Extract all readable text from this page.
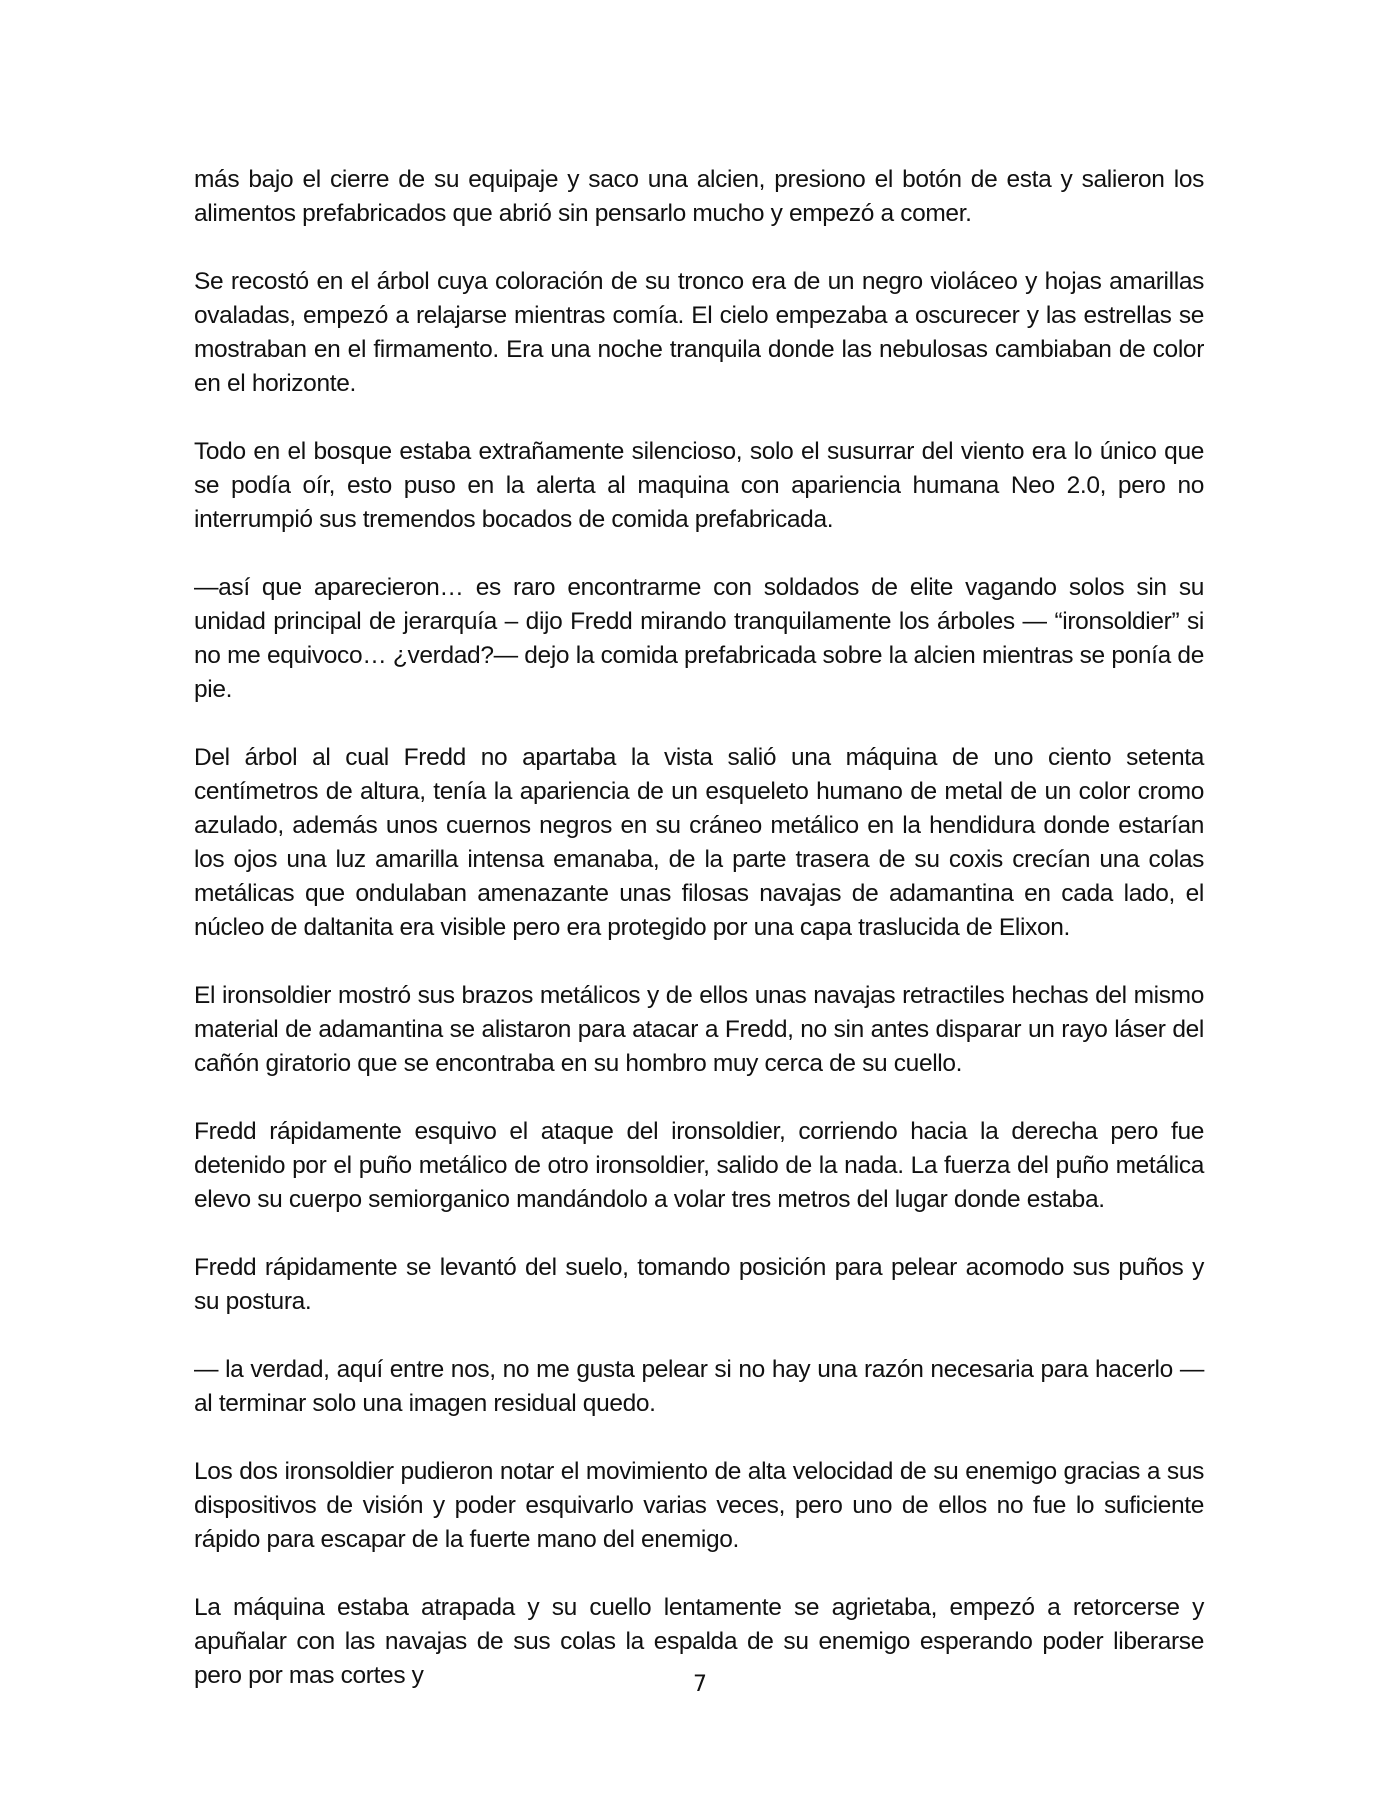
más bajo el cierre de su equipaje y saco una alcien, presiono el botón de esta y salieron los alimentos prefabricados que abrió sin pensarlo mucho y empezó a comer.

Se recostó en el árbol cuya coloración de su tronco era de un negro violáceo y hojas amarillas ovaladas, empezó a relajarse mientras comía. El cielo empezaba a oscurecer y las estrellas se mostraban en el firmamento. Era una noche tranquila donde las nebulosas cambiaban de color en el horizonte.

Todo en el bosque estaba extrañamente silencioso, solo el susurrar del viento era lo único que se podía oír, esto puso en la alerta al maquina con apariencia humana Neo 2.0, pero no interrumpió sus tremendos bocados de comida prefabricada.

—así que aparecieron… es raro encontrarme con soldados de elite vagando solos sin su unidad principal de jerarquía – dijo Fredd mirando tranquilamente los árboles — “ironsoldier” si no me equivoco… ¿verdad?— dejo la comida prefabricada sobre la alcien mientras se ponía de pie.

Del árbol al cual Fredd no apartaba la vista salió una máquina de uno ciento setenta centímetros de altura, tenía la apariencia de un esqueleto humano de metal de un color cromo azulado, además unos cuernos negros en su cráneo metálico en la hendidura donde estarían los ojos una luz amarilla intensa emanaba, de la parte trasera de su coxis crecían una colas metálicas que ondulaban amenazante unas filosas navajas de adamantina en cada lado, el núcleo de daltanita era visible pero era protegido por una capa traslucida de Elixon.

El ironsoldier mostró sus brazos metálicos y de ellos unas navajas retractiles hechas del mismo material de adamantina se alistaron para atacar a Fredd, no sin antes disparar un rayo láser del cañón giratorio que se encontraba en su hombro muy cerca de su cuello.

Fredd rápidamente esquivo el ataque del ironsoldier, corriendo hacia la derecha pero fue detenido por el puño metálico de otro ironsoldier, salido de la nada. La fuerza del puño metálica elevo su cuerpo semiorganico mandándolo a volar tres metros del lugar donde estaba.

Fredd rápidamente se levantó del suelo, tomando posición para pelear acomodo sus puños y su postura.

— la verdad, aquí entre nos, no me gusta pelear si no hay una razón necesaria para hacerlo — al terminar solo una imagen residual quedo.

Los dos ironsoldier pudieron notar el movimiento de alta velocidad de su enemigo gracias a sus dispositivos de visión y poder esquivarlo varias veces, pero uno de ellos no fue lo suficiente rápido para escapar de la fuerte mano del enemigo.

La máquina estaba atrapada y su cuello lentamente se agrietaba, empezó a retorcerse y apuñalar con las navajas de sus colas la espalda de su enemigo esperando poder liberarse pero por mas cortes y	7
